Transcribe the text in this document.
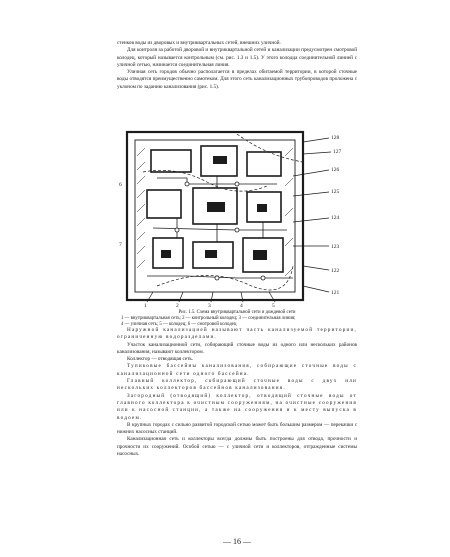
стенков воды из дворовых и внутриквартальных сетей, внешних уличной.

Для контроля за работой дворовой и внутриквартальной сетей и канализации предусмотрен смотровой колодец, который называется контрольным (см. рис. 1.3 и 1.5). У этого колодца соединительной линией с уличной сетью, начинается соединительная линия.

Уличная сеть городов обычно располагается в пределах обитаемой территории, в которой сточные воды отводятся преимущественно самотеком. Для этого сеть канализационных трубопроводов проложена с уклоном по заданию канализования (рис. 1.5).

128
127
126
125
124
123
122
121
1	2	3	4	5
6
7
Рис. 1.5. Схема внутриквартальной сети и дождевой сети
1 — внутриквартальная сеть; 2 — контрольный колодец; 3 — соединительная линия;
4 — уличная сеть; 5 — колодец; 6 — смотровой колодец

Наружной канализацией называют часть канализуемой территории, ограниченную водоразделами.

Участок канализационной сети, собирающий сточные воды из одного или нескольких районов канализования, называют коллектором.

Коллектор — отводящая сеть.

Тупиковые бассейны канализования, собирающие сточные воды с канализационной сети одного бассейна.

Главный коллектор, собирающий сточные воды с двух или нескольких коллекторов бассейнов канализования.

Загородный (отводящий) коллектор, отводящий сточные воды от главного коллектора к очистным сооружениям, на очистные сооружения или к насосной станции, а также на сооружения и к месту выпуска в водоем.

В крупных городах с сильно развитой городской сетью может быть большим размером — перекачки с нижних насосных станций.

Канализационная сеть и коллекторы всегда должны быть построены для отвода, прочности и прочности их сооружений. Особой сетью — с уличной сети и коллекторов, отгражденные системы насосных.

— 16 —
